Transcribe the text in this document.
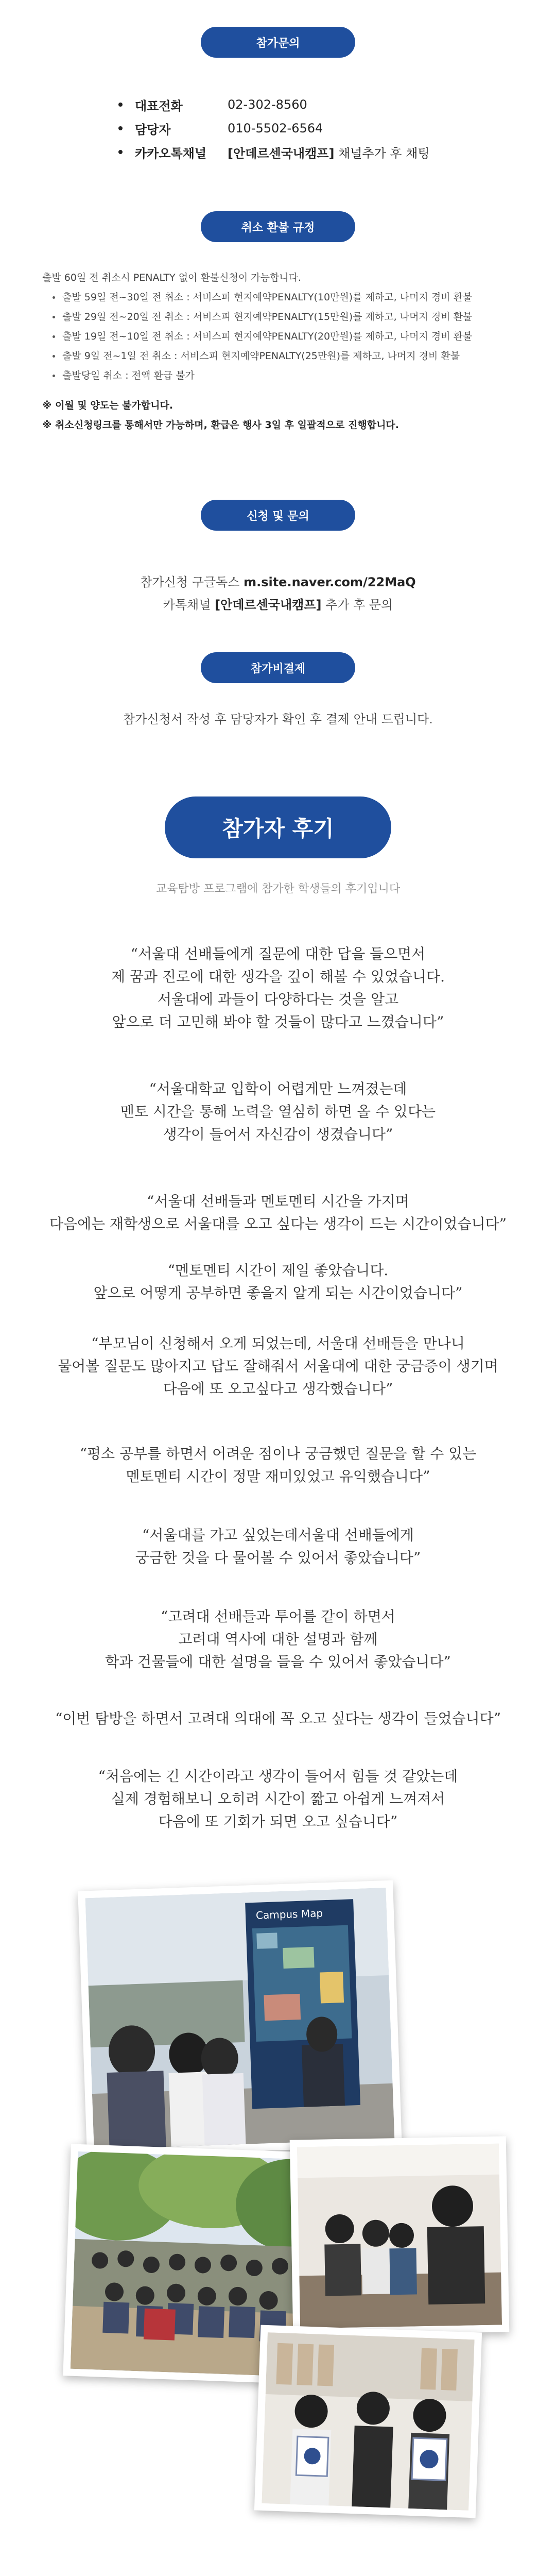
참가문의
대표전화	02-302-8560
담당자	010-5502-6564
카카오톡채널	[안데르센국내캠프] 채널추가 후 채팅
취소 환불 규정
출발 60일 전 취소시 PENALTY 없이 환불신청이 가능합니다.
출발 59일 전~30일 전 취소 : 서비스피 현지예약PENALTY(10만원)를 제하고, 나머지 경비 환불
출발 29일 전~20일 전 취소 : 서비스피 현지예약PENALTY(15만원)를 제하고, 나머지 경비 환불
출발 19일 전~10일 전 취소 : 서비스피 현지예약PENALTY(20만원)를 제하고, 나머지 경비 환불
출발 9일 전~1일 전 취소 : 서비스피 현지예약PENALTY(25만원)를 제하고, 나머지 경비 환불
출발당일 취소 : 전액 환급 불가
※ 이월 및 양도는 불가합니다.
※ 취소신청링크를 통해서만 가능하며, 환급은 행사 3일 후 일괄적으로 진행합니다.
신청 및 문의
참가신청 구글독스 m.site.naver.com/22MaQ
카톡채널 [안데르센국내캠프] 추가 후 문의
참가비결제
참가신청서 작성 후 담당자가 확인 후 결제 안내 드립니다.
참가자 후기
교육탐방 프로그램에 참가한 학생들의 후기입니다
“서울대 선배들에게 질문에 대한 답을 들으면서
제 꿈과 진로에 대한 생각을 깊이 해볼 수 있었습니다.
서울대에 과들이 다양하다는 것을 알고
앞으로 더 고민해 봐야 할 것들이 많다고 느꼈습니다”
“서울대학교 입학이 어렵게만 느껴졌는데
멘토 시간을 통해 노력을 열심히 하면 올 수 있다는
생각이 들어서 자신감이 생겼습니다”
“서울대 선배들과 멘토멘티 시간을 가지며
다음에는 재학생으로 서울대를 오고 싶다는 생각이 드는 시간이었습니다”
“멘토멘티 시간이 제일 좋았습니다.
앞으로 어떻게 공부하면 좋을지 알게 되는 시간이었습니다”
“부모님이 신청해서 오게 되었는데, 서울대 선배들을 만나니
물어볼 질문도 많아지고 답도 잘해줘서 서울대에 대한 궁금증이 생기며
다음에 또 오고싶다고 생각했습니다”
“평소 공부를 하면서 어려운 점이나 궁금했던 질문을 할 수 있는
멘토멘티 시간이 정말 재미있었고 유익했습니다”
“서울대를 가고 싶었는데서울대 선배들에게
궁금한 것을 다 물어볼 수 있어서 좋았습니다”
“고려대 선배들과 투어를 같이 하면서
고려대 역사에 대한 설명과 함께
학과 건물들에 대한 설명을 들을 수 있어서 좋았습니다”
“이번 탐방을 하면서 고려대 의대에 꼭 오고 싶다는 생각이 들었습니다”
“처음에는 긴 시간이라고 생각이 들어서 힘들 것 같았는데
실제 경험해보니 오히려 시간이 짧고 아쉽게 느껴져서
다음에 또 기회가 되면 오고 싶습니다”
Campus Map
